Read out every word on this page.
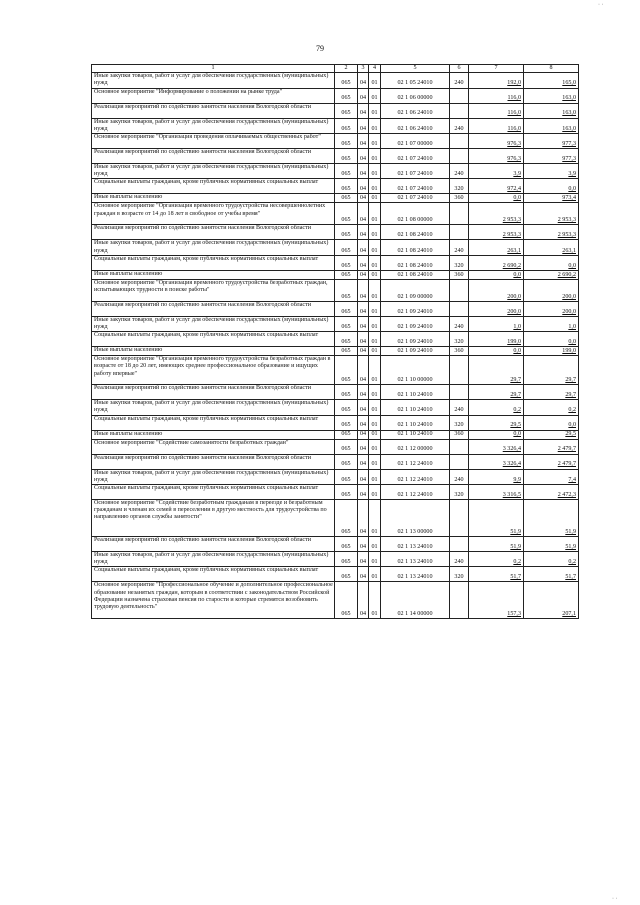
· ·
79
1	2	3	4	5	6	7	8
Иные закупки товаров, работ и услуг для обеспечения государственных (муниципальных) нужд	065	04	01	02 1 05 24010	240	192,0	165,0
Основное мероприятие "Информирование о положении на рынке труда"	065	04	01	02 1 06 00000		116,0	163,0
Реализация мероприятий по содействию занятости населения Вологодской области	065	04	01	02 1 06 24010		116,0	163,0
Иные закупки товаров, работ и услуг для обеспечения государственных (муниципальных) нужд	065	04	01	02 1 06 24010	240	116,0	163,0
Основное мероприятие "Организация проведения оплачиваемых общественных работ"	065	04	01	02 1 07 00000		976,3	977,3
Реализация мероприятий по содействию занятости населения Вологодской области	065	04	01	02 1 07 24010		976,3	977,3
Иные закупки товаров, работ и услуг для обеспечения государственных (муниципальных) нужд	065	04	01	02 1 07 24010	240	3,9	3,9
Социальные выплаты гражданам, кроме публичных нормативных социальных выплат	065	04	01	02 1 07 24010	320	972,4	0,0
Иные выплаты населению	065	04	01	02 1 07 24010	360	0,0	973,4
Основное мероприятие "Организация временного трудоустройства несовершеннолетних граждан в возрасте от 14 до 18 лет в свободное от учебы время"	065	04	01	02 1 08 00000		2 953,3	2 953,3
Реализация мероприятий по содействию занятости населения Вологодской области	065	04	01	02 1 08 24010		2 953,3	2 953,3
Иные закупки товаров, работ и услуг для обеспечения государственных (муниципальных) нужд	065	04	01	02 1 08 24010	240	263,1	263,1
Социальные выплаты гражданам, кроме публичных нормативных социальных выплат	065	04	01	02 1 08 24010	320	2 690,2	0,0
Иные выплаты населению	065	04	01	02 1 08 24010	360	0,0	2 690,2
Основное мероприятие "Организация временного трудоустройства безработных граждан, испытывающих трудности в поиске работы"	065	04	01	02 1 09 00000		200,0	200,0
Реализация мероприятий по содействию занятости населения Вологодской области	065	04	01	02 1 09 24010		200,0	200,0
Иные закупки товаров, работ и услуг для обеспечения государственных (муниципальных) нужд	065	04	01	02 1 09 24010	240	1,0	1,0
Социальные выплаты гражданам, кроме публичных нормативных социальных выплат	065	04	01	02 1 09 24010	320	199,0	0,0
Иные выплаты населению	065	04	01	02 1 09 24010	360	0,0	199,0
Основное мероприятие "Организация временного трудоустройства безработных граждан в возрасте от 18 до 20 лет, имеющих среднее профессиональное образование и ищущих работу впервые"	065	04	01	02 1 10 00000		29,7	29,7
Реализация мероприятий по содействию занятости населения Вологодской области	065	04	01	02 1 10 24010		29,7	29,7
Иные закупки товаров, работ и услуг для обеспечения государственных (муниципальных) нужд	065	04	01	02 1 10 24010	240	0,2	0,2
Социальные выплаты гражданам, кроме публичных нормативных социальных выплат	065	04	01	02 1 10 24010	320	29,5	0,0
Иные выплаты населению	065	04	01	02 1 10 24010	360	0,0	29,5
Основное мероприятие "Содействие самозанятости безработных граждан"	065	04	01	02 1 12 00000		3 326,4	2 479,7
Реализация мероприятий по содействию занятости населения Вологодской области	065	04	01	02 1 12 24010		3 326,4	2 479,7
Иные закупки товаров, работ и услуг для обеспечения государственных (муниципальных) нужд	065	04	01	02 1 12 24010	240	9,9	7,4
Социальные выплаты гражданам, кроме публичных нормативных социальных выплат	065	04	01	02 1 12 24010	320	3 316,5	2 472,3
Основное мероприятие "Содействие безработным гражданам в переезде и безработным гражданам и членам их семей в переселении в другую местность для трудоустройства по направлению органов службы занятости"	065	04	01	02 1 13 00000		51,9	51,9
Реализация мероприятий по содействию занятости населения Вологодской области	065	04	01	02 1 13 24010		51,9	51,9
Иные закупки товаров, работ и услуг для обеспечения государственных (муниципальных) нужд	065	04	01	02 1 13 24010	240	0,2	0,2
Социальные выплаты гражданам, кроме публичных нормативных социальных выплат	065	04	01	02 1 13 24010	320	51,7	51,7
Основное мероприятие "Профессиональное обучение и дополнительное профессиональное образование незанятых граждан, которым в соответствии с законодательством Российской Федерации назначена страховая пенсия по старости и которые стремятся возобновить трудовую деятельность"	065	04	01	02 1 14 00000		157,3	207,1
· ·
